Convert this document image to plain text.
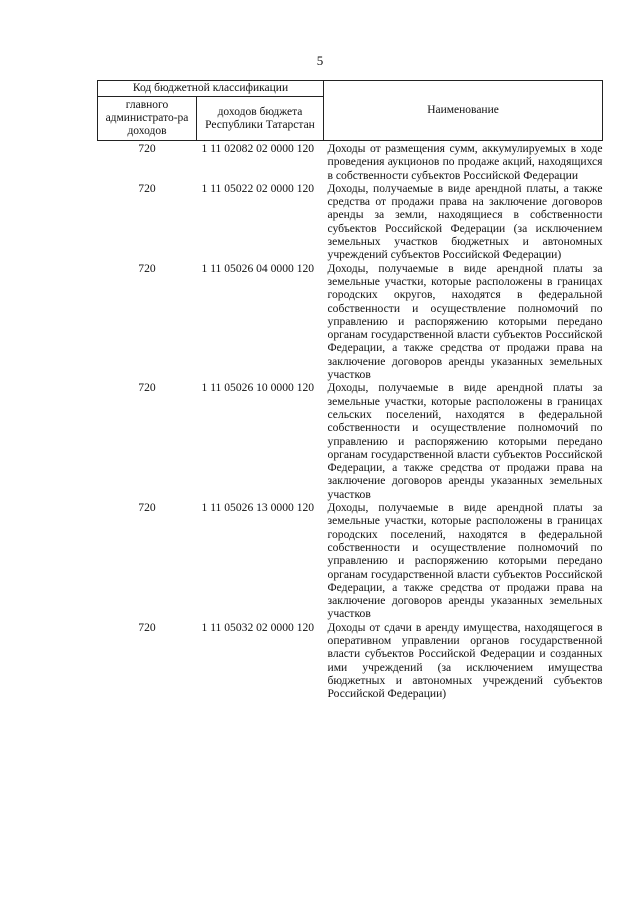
5
Код бюджетной классификации		Наименование
главного администрато-ра доходов	доходов бюджета Республики Татарстан	
720	1 11 02082 02 0000 120	Доходы от размещения сумм, аккумулируемых в ходе проведения аукционов по продаже акций, находящихся в собственности субъектов Российской Федерации
720	1 11 05022 02 0000 120	Доходы, получаемые в виде арендной платы, а также средства от продажи права на заключение договоров аренды за земли, находящиеся в собственности субъектов Российской Федерации (за исключением земельных участков бюджетных и автономных учреждений субъектов Российской Федерации)
720	1 11 05026 04 0000 120	Доходы, получаемые в виде арендной платы за земельные участки, которые расположены в границах городских округов, находятся в федеральной собственности и осуществление полномочий по управлению и распоряжению которыми передано органам государственной власти субъектов Российской Федерации, а также средства от продажи права на заключение договоров аренды указанных земельных участков
720	1 11 05026 10 0000 120	Доходы, получаемые в виде арендной платы за земельные участки, которые расположены в границах сельских поселений, находятся в федеральной собственности и осуществление полномочий по управлению и распоряжению которыми передано органам государственной власти субъектов Российской Федерации, а также средства от продажи права на заключение договоров аренды указанных земельных участков
720	1 11 05026 13 0000 120	Доходы, получаемые в виде арендной платы за земельные участки, которые расположены в границах городских поселений, находятся в федеральной собственности и осуществление полномочий по управлению и распоряжению которыми передано органам государственной власти субъектов Российской Федерации, а также средства от продажи права на заключение договоров аренды указанных земельных участков
720	1 11 05032 02 0000 120	Доходы от сдачи в аренду имущества, находящегося в оперативном управлении органов государственной власти субъектов Российской Федерации и созданных ими учреждений (за исключением имущества бюджетных и автономных учреждений субъектов Российской Федерации)
